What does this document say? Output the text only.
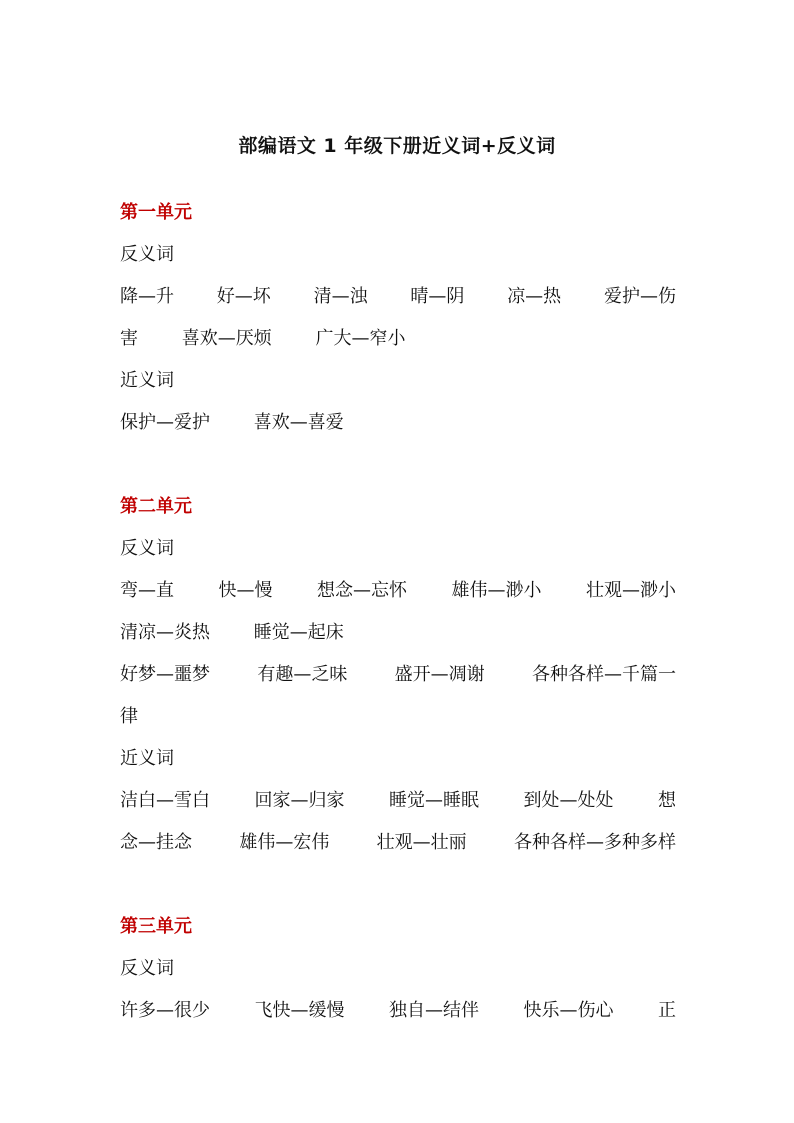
部编语文 1 年级下册近义词+反义词
第一单元
反义词
降—升 好—坏 清—浊 晴—阴 凉—热 爱护—伤
害 喜欢—厌烦 广大—窄小
近义词
保护—爱护 喜欢—喜爱
第二单元
反义词
弯—直 快—慢 想念—忘怀 雄伟—渺小 壮观—渺小
清凉—炎热 睡觉—起床
好梦—噩梦	有趣—乏味	盛开—凋谢	各种各样—千篇一
律
近义词
洁白—雪白 回家—归家 睡觉—睡眠 到处—处处 想
念—挂念	雄伟—宏伟	壮观—壮丽	各种各样—多种多样
第三单元
反义词
许多—很少 飞快—缓慢 独自—结伴 快乐—伤心 正
